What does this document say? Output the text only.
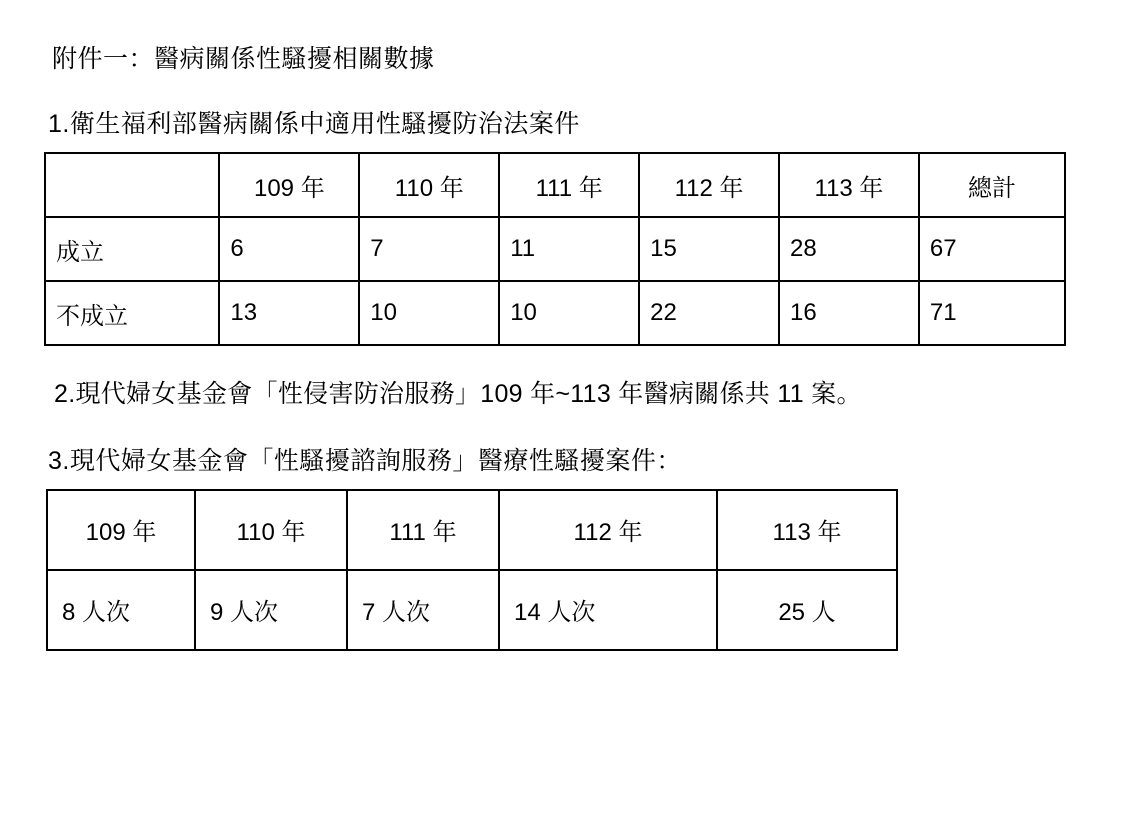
附件一：醫病關係性騷擾相關數據
1.衛生福利部醫病關係中適用性騷擾防治法案件
	109 年	110 年	111 年	112 年	113 年	總計
成立	6	7	11	15	28	67
不成立	13	10	10	22	16	71
2.現代婦女基金會「性侵害防治服務」109 年~113 年醫病關係共 11 案。
3.現代婦女基金會「性騷擾諮詢服務」醫療性騷擾案件：
109 年	110 年	111 年	112 年	113 年
8 人次	9 人次	7 人次	14 人次	25 人
